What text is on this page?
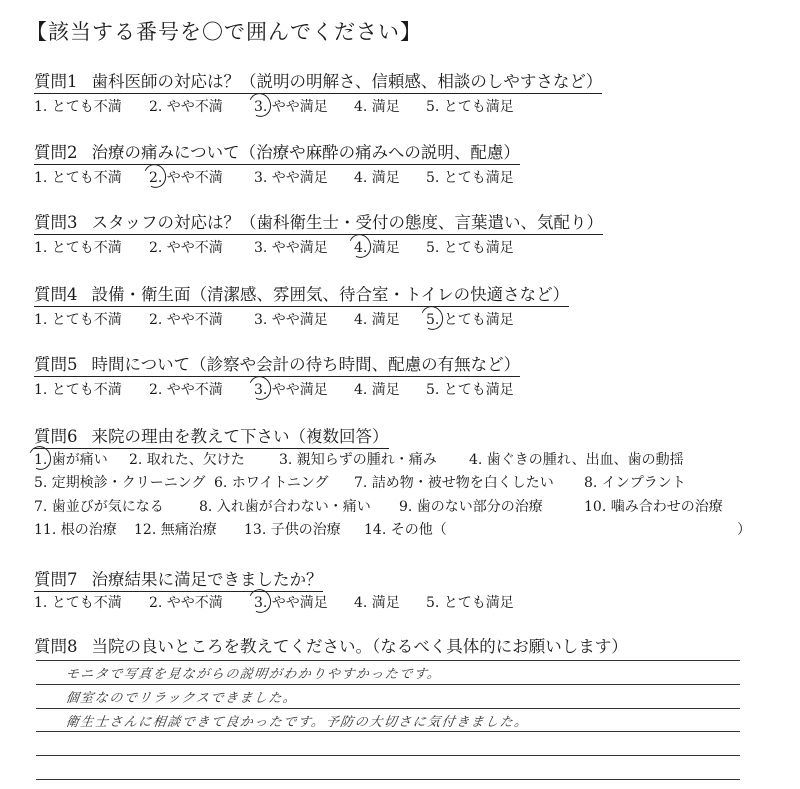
【該当する番号を〇で囲んでください】
質問1 歯科医師の対応は？（説明の明解さ、信頼感、相談のしやすさなど）
1. とても不満 2. やや不満 3. やや満足 4. 満足 5. とても満足
質問2 治療の痛みについて（治療や麻酔の痛みへの説明、配慮）
1. とても不満 2. やや不満 3. やや満足 4. 満足 5. とても満足
質問3 スタッフの対応は？（歯科衛生士・受付の態度、言葉遣い、気配り）
1. とても不満 2. やや不満 3. やや満足 4. 満足 5. とても満足
質問4 設備・衛生面（清潔感、雰囲気、待合室・トイレの快適さなど）
1. とても不満 2. やや不満 3. やや満足 4. 満足 5. とても満足
質問5 時間について（診察や会計の待ち時間、配慮の有無など）
1. とても不満 2. やや不満 3. やや満足 4. 満足 5. とても満足
質問6 来院の理由を教えて下さい（複数回答）
1. 歯が痛い 2. 取れた、欠けた 3. 親知らずの腫れ・痛み 4. 歯ぐきの腫れ、出血、歯の動揺
5. 定期検診・クリーニング 6. ホワイトニング 7. 詰め物・被せ物を白くしたい 8. インプラント
7. 歯並びが気になる	8. 入れ歯が合わない・痛い 9. 歯のない部分の治療	10. 噛み合わせの治療
11. 根の治療 12. 無痛治療 13. 子供の治療 14. その他（	）
質問7 治療結果に満足できましたか？
1. とても不満 2. やや不満 3. やや満足 4. 満足 5. とても満足
質問8 当院の良いところを教えてください。（なるべく具体的にお願いします）
モニタで写真を見ながらの説明がわかりやすかったです。
個室なのでリラックスできました。
衛生士さんに相談できて良かったです。予防の大切さに気付きました。
